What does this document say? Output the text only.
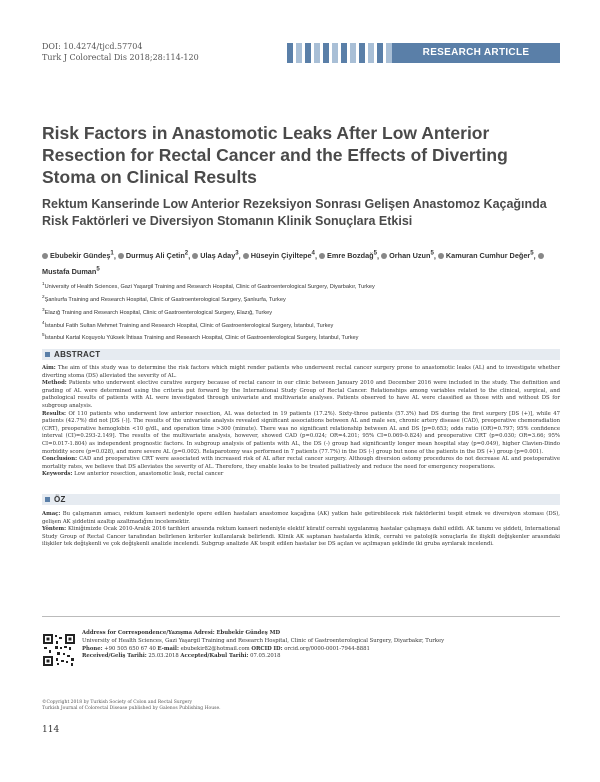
DOI: 10.4274/tjcd.57704
Turk J Colorectal Dis 2018;28:114-120	RESEARCH ARTICLE
Risk Factors in Anastomotic Leaks After Low Anterior Resection for Rectal Cancer and the Effects of Diverting Stoma on Clinical Results
Rektum Kanserinde Low Anterior Rezeksiyon Sonrası Gelişen Anastomoz Kaçağında Risk Faktörleri ve Diversiyon Stomanın Klinik Sonuçlara Etkisi
Ebubekir Gündeş$^1$, Durmuş Ali Çetin$^2$, Ulaş Aday$^3$, Hüseyin Çiyiltepe$^4$, Emre Bozdağ$^5$, Orhan Uzun$^5$, Kamuran Cumhur Değer$^5$, Mustafa Duman$^5$
$^1$University of Health Sciences, Gazi Yaşargil Training and Research Hospital, Clinic of Gastroenterological Surgery, Diyarbakır, Turkey
$^2$Şanlıurfa Training and Research Hospital, Clinic of Gastroenterological Surgery, Şanlıurfa, Turkey
$^3$Elazığ Training and Research Hospital, Clinic of Gastroenterological Surgery, Elazığ, Turkey
$^4$İstanbul Fatih Sultan Mehmet Training and Research Hospital, Clinic of Gastroenterological Surgery, İstanbul, Turkey
$^5$İstanbul Kartal Koşuyolu Yüksek İhtisas Training and Research Hospital, Clinic of Gastroenterological Surgery, İstanbul, Turkey
ABSTRACT

Aim: The aim of this study was to determine the risk factors which might render patients who underwent rectal cancer surgery prone to anastomotic leaks (AL) and to investigate whether diverting stoma (DS) alleviated the severity of AL.

Method: Patients who underwent elective curative surgery because of rectal cancer in our clinic between January 2010 and December 2016 were included in the study. The definition and grading of AL were determined using the criteria put forward by the International Study Group of Rectal Cancer. Relationships among variables related to the clinical, surgical, and pathological results of patients with AL were investigated through univariate and multivariate analyses. Patients observed to have AL were classified as those with and without DS for subgroup analysis.

Results: Of 110 patients who underwent low anterior resection, AL was detected in 19 patients (17.2%). Sixty-three patients (57.3%) had DS during the first surgery [DS (+)], while 47 patients (42.7%) did not [DS (-)]. The results of the univariate analysis revealed significant associations between AL and male sex, chronic artery disease (CAD), preoperative chemoradiation (CRT), preoperative hemoglobin <10 g/dL, and operation time >300 (minute). There was no significant relationship between AL and DS [p=0.653; odds ratio (OR)=0.797; 95% confidence interval (CI)=0.293-2.149]. The results of the multivariate analysis, however, showed CAD (p=0.024; OR=4.201; 95% CI=0.069-0.824) and preoperative CRT (p=0.030; OR=3.66; 95% CI=0.017-1.804) as independent prognostic factors. In subgroup analysis of patients with AL, the DS (-) group had significantly longer mean hospital stay (p=0.049), higher Clavien-Dindo morbidity score (p=0.028), and more severe AL (p=0.002). Relaparotomy was performed in 7 patients (77.7%) in the DS (-) group but none of the patients in the DS (+) group (p=0.001).

Conclusion: CAD and preoperative CRT were associated with increased risk of AL after rectal cancer surgery. Although diversion ostomy procedures do not decrease AL and postoperative mortality rates, we believe that DS alleviates the severity of AL. Therefore, they enable leaks to be treated palliatively and reduce the need for emergency reoperations.

Keywords: Low anterior resection, anastomotic leak, rectal cancer

ÖZ

Amaç: Bu çalışmanın amacı, rektum kanseri nedeniyle opere edilen hastaları anastomoz kaçağına (AK) yatkın hale getirebilecek risk faktörlerini tespit etmek ve diversiyon stoması (DS), gelişen AK şiddetini azaltıp azaltmadığını incelemektir.

Yöntem: Kliniğimizde Ocak 2010-Aralık 2016 tarihleri arasında rektum kanseri nedeniyle elektif küratif cerrahi uygulanmış hastalar çalışmaya dahil edildi. AK tanımı ve şiddeti, International Study Group of Rectal Cancer tarafından belirlenen kriterler kullanılarak belirlendi. Klinik AK saptanan hastalarda klinik, cerrahi ve patolojik sonuçlarla ile ilişkili değişkenler arasındaki ilişkiler tek değişkenli ve çok değişkenli analizle incelendi. Subgrup analizde AK tespit edilen hastalar ise DS açılan ve açılmayan şeklinde iki gruba ayrılarak incelendi.

Address for Correspondence/Yazışma Adresi: Ebubekir Gündeş MD
University of Health Sciences, Gazi Yaşargil Training and Research Hospital, Clinic of Gastroenterological Surgery, Diyarbakır, Turkey
Phone: +90 505 650 67 40 E-mail: ebubekir82@hotmail.com ORCID ID: orcid.org/0000-0001-7944-8881
Received/Geliş Tarihi: 25.03.2018 Accepted/Kabul Tarihi: 07.05.2018
©Copyright 2018 by Turkish Society of Colon and Rectal Surgery
Turkish Journal of Colorectal Disease published by Galenos Publishing House.
114
